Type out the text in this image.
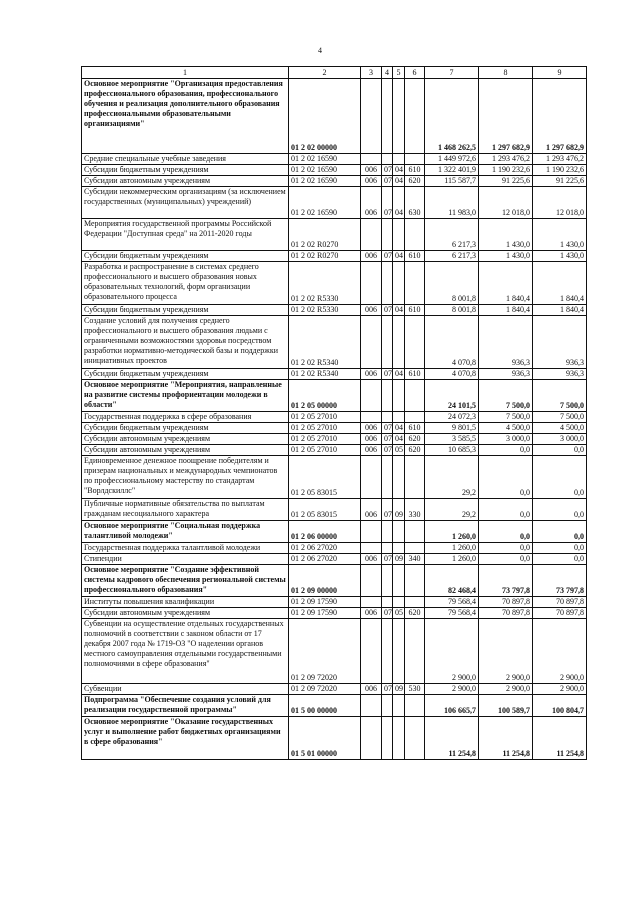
4
1	2	3	4	5	6	7	8	9
Основное мероприятие "Организация предоставления профессионального образования, профессионального обучения и реализация дополнительного образования профессиональными образовательными организациями"	01 2 02 00000					1 468 262,5	1 297 682,9	1 297 682,9
Средние специальные учебные заведения	01 2 02 16590					1 449 972,6	1 293 476,2	1 293 476,2
Субсидии бюджетным учреждениям	01 2 02 16590	006	07	04	610	1 322 401,9	1 190 232,6	1 190 232,6
Субсидии автономным учреждениям	01 2 02 16590	006	07	04	620	115 587,7	91 225,6	91 225,6
Субсидии некоммерческим организациям (за исключением государственных (муниципальных) учреждений)	01 2 02 16590	006	07	04	630	11 983,0	12 018,0	12 018,0
Мероприятия государственной программы Российской Федерации "Доступная среда" на 2011-2020 годы	01 2 02 R0270					6 217,3	1 430,0	1 430,0
Субсидии бюджетным учреждениям	01 2 02 R0270	006	07	04	610	6 217,3	1 430,0	1 430,0
Разработка и распространение в системах среднего профессионального и высшего образования новых образовательных технологий, форм организации образовательного процесса	01 2 02 R5330					8 001,8	1 840,4	1 840,4
Субсидии бюджетным учреждениям	01 2 02 R5330	006	07	04	610	8 001,8	1 840,4	1 840,4
Создание условий для получения среднего профессионального и высшего образования людьми с ограниченными возможностями здоровья посредством разработки нормативно-методической базы и поддержки инициативных проектов	01 2 02 R5340					4 070,8	936,3	936,3
Субсидии бюджетным учреждениям	01 2 02 R5340	006	07	04	610	4 070,8	936,3	936,3
Основное мероприятие "Мероприятия, направленные на развитие системы профориентации молодежи в области"	01 2 05 00000					24 101,5	7 500,0	7 500,0
Государственная поддержка в сфере образования	01 2 05 27010					24 072,3	7 500,0	7 500,0
Субсидии бюджетным учреждениям	01 2 05 27010	006	07	04	610	9 801,5	4 500,0	4 500,0
Субсидии автономным учреждениям	01 2 05 27010	006	07	04	620	3 585,5	3 000,0	3 000,0
Субсидии автономным учреждениям	01 2 05 27010	006	07	05	620	10 685,3	0,0	0,0
Единовременное денежное поощрение победителям и призерам национальных и международных чемпионатов по профессиональному мастерству по стандартам "Ворлдскиллс"	01 2 05 83015					29,2	0,0	0,0
Публичные нормативные обязательства по выплатам гражданам несоциального характера	01 2 05 83015	006	07	09	330	29,2	0,0	0,0
Основное мероприятие "Социальная поддержка талантливой молодежи"	01 2 06 00000					1 260,0	0,0	0,0
Государственная поддержка талантливой молодежи	01 2 06 27020					1 260,0	0,0	0,0
Стипендии	01 2 06 27020	006	07	09	340	1 260,0	0,0	0,0
Основное мероприятие "Создание эффективной системы кадрового обеспечения региональной системы профессионального образования"	01 2 09 00000					82 468,4	73 797,8	73 797,8
Институты повышения квалификации	01 2 09 17590					79 568,4	70 897,8	70 897,8
Субсидии автономным учреждениям	01 2 09 17590	006	07	05	620	79 568,4	70 897,8	70 897,8
Субвенции на осуществление отдельных государственных полномочий в соответствии с законом области от 17 декабря 2007 года № 1719-ОЗ "О наделении органов местного самоуправления отдельными государственными полномочиями в сфере образования"	01 2 09 72020					2 900,0	2 900,0	2 900,0
Субвенции	01 2 09 72020	006	07	09	530	2 900,0	2 900,0	2 900,0
Подпрограмма "Обеспечение создания условий для реализации государственной программы"	01 5 00 00000					106 665,7	100 589,7	100 804,7
Основное мероприятие "Оказание государственных услуг и выполнение работ бюджетных организациями в сфере образования"	01 5 01 00000					11 254,8	11 254,8	11 254,8
